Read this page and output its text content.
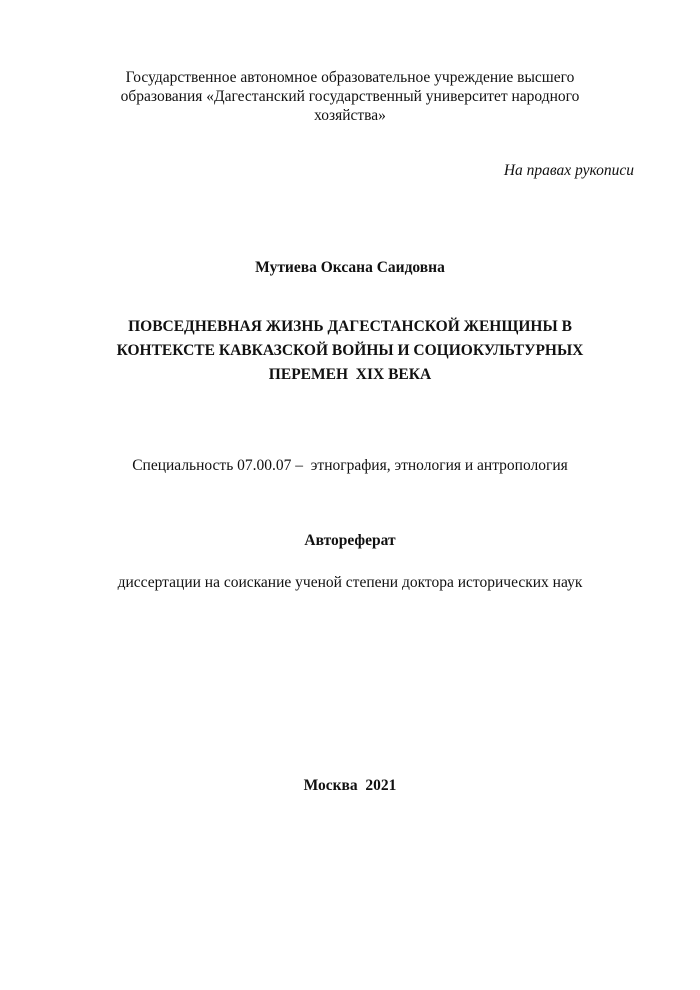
Государственное автономное образовательное учреждение высшего
образования «Дагестанский государственный университет народного
хозяйства»
На правах рукописи
Мутиева Оксана Саидовна
ПОВСЕДНЕВНАЯ ЖИЗНЬ ДАГЕСТАНСКОЙ ЖЕНЩИНЫ В
КОНТЕКСТЕ КАВКАЗСКОЙ ВОЙНЫ И СОЦИОКУЛЬТУРНЫХ
ПЕРЕМЕН  XIX ВЕКА
Специальность 07.00.07 –  этнография, этнология и антропология
Автореферат
диссертации на соискание ученой степени доктора исторических наук
Москва  2021
